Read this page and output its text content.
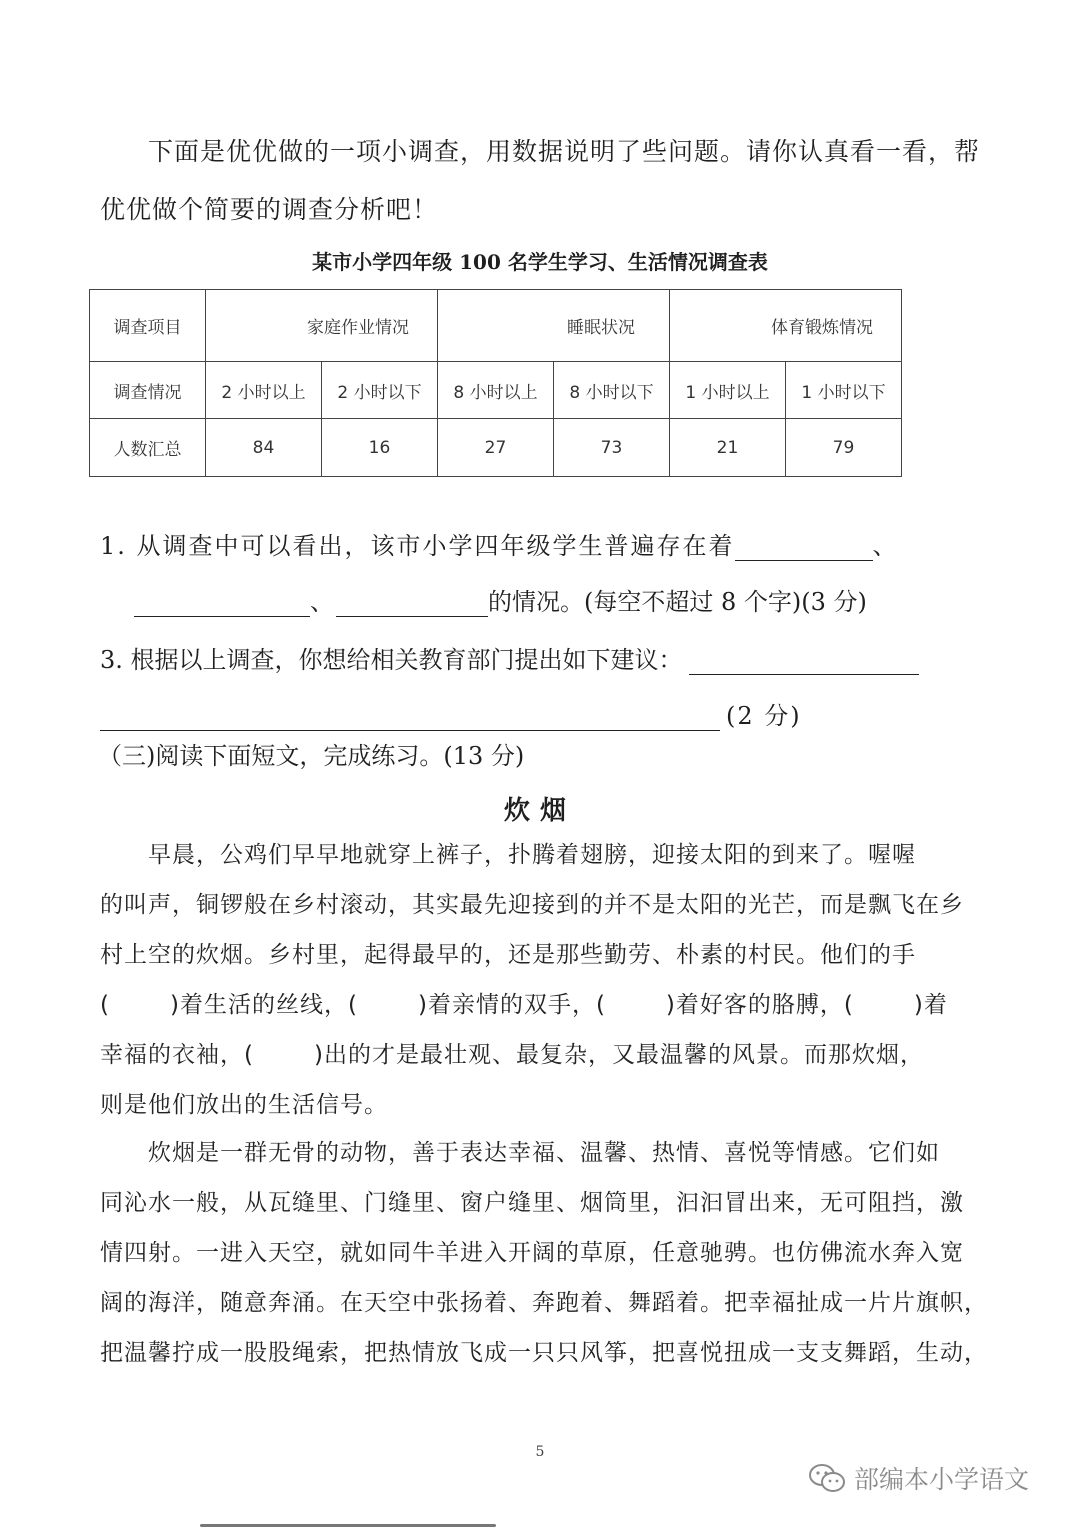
下面是优优做的一项小调查，用数据说明了些问题。请你认真看一看，帮
优优做个简要的调查分析吧！
某市小学四年级 100 名学生学习、生活情况调查表
调查项目	家庭作业情况		睡眠状况		体育锻炼情况	
调查情况	2 小时以上	2 小时以下	8 小时以上	8 小时以下	1 小时以上	1 小时以下
人数汇总	84	16	27	73	21	79
1. 从调查中可以看出，该市小学四年级学生普遍存在着	、
、	的情况。(每空不超过 8 个字)(3 分)
3. 根据以上调查，你想给相关教育部门提出如下建议：
(2 分)
（三)阅读下面短文，完成练习。(13 分)
炊烟
早晨，公鸡们早早地就穿上裤子，扑腾着翅膀，迎接太阳的到来了。喔喔
的叫声，铜锣般在乡村滚动，其实最先迎接到的并不是太阳的光芒，而是飘飞在乡
村上空的炊烟。乡村里，起得最早的，还是那些勤劳、朴素的村民。他们的手
(	)着生活的丝线，(	)着亲情的双手，(	)着好客的胳膊，(	)着
幸福的衣袖，(	)出的才是最壮观、最复杂，又最温馨的风景。而那炊烟，
则是他们放出的生活信号。
炊烟是一群无骨的动物，善于表达幸福、温馨、热情、喜悦等情感。它们如
同沁水一般，从瓦缝里、门缝里、窗户缝里、烟筒里，汩汩冒出来，无可阻挡，激
情四射。一进入天空，就如同牛羊进入开阔的草原，任意驰骋。也仿佛流水奔入宽
阔的海洋，随意奔涌。在天空中张扬着、奔跑着、舞蹈着。把幸福扯成一片片旗帜，
把温馨拧成一股股绳索，把热情放飞成一只只风筝，把喜悦扭成一支支舞蹈，生动，
5
部编本小学语文
